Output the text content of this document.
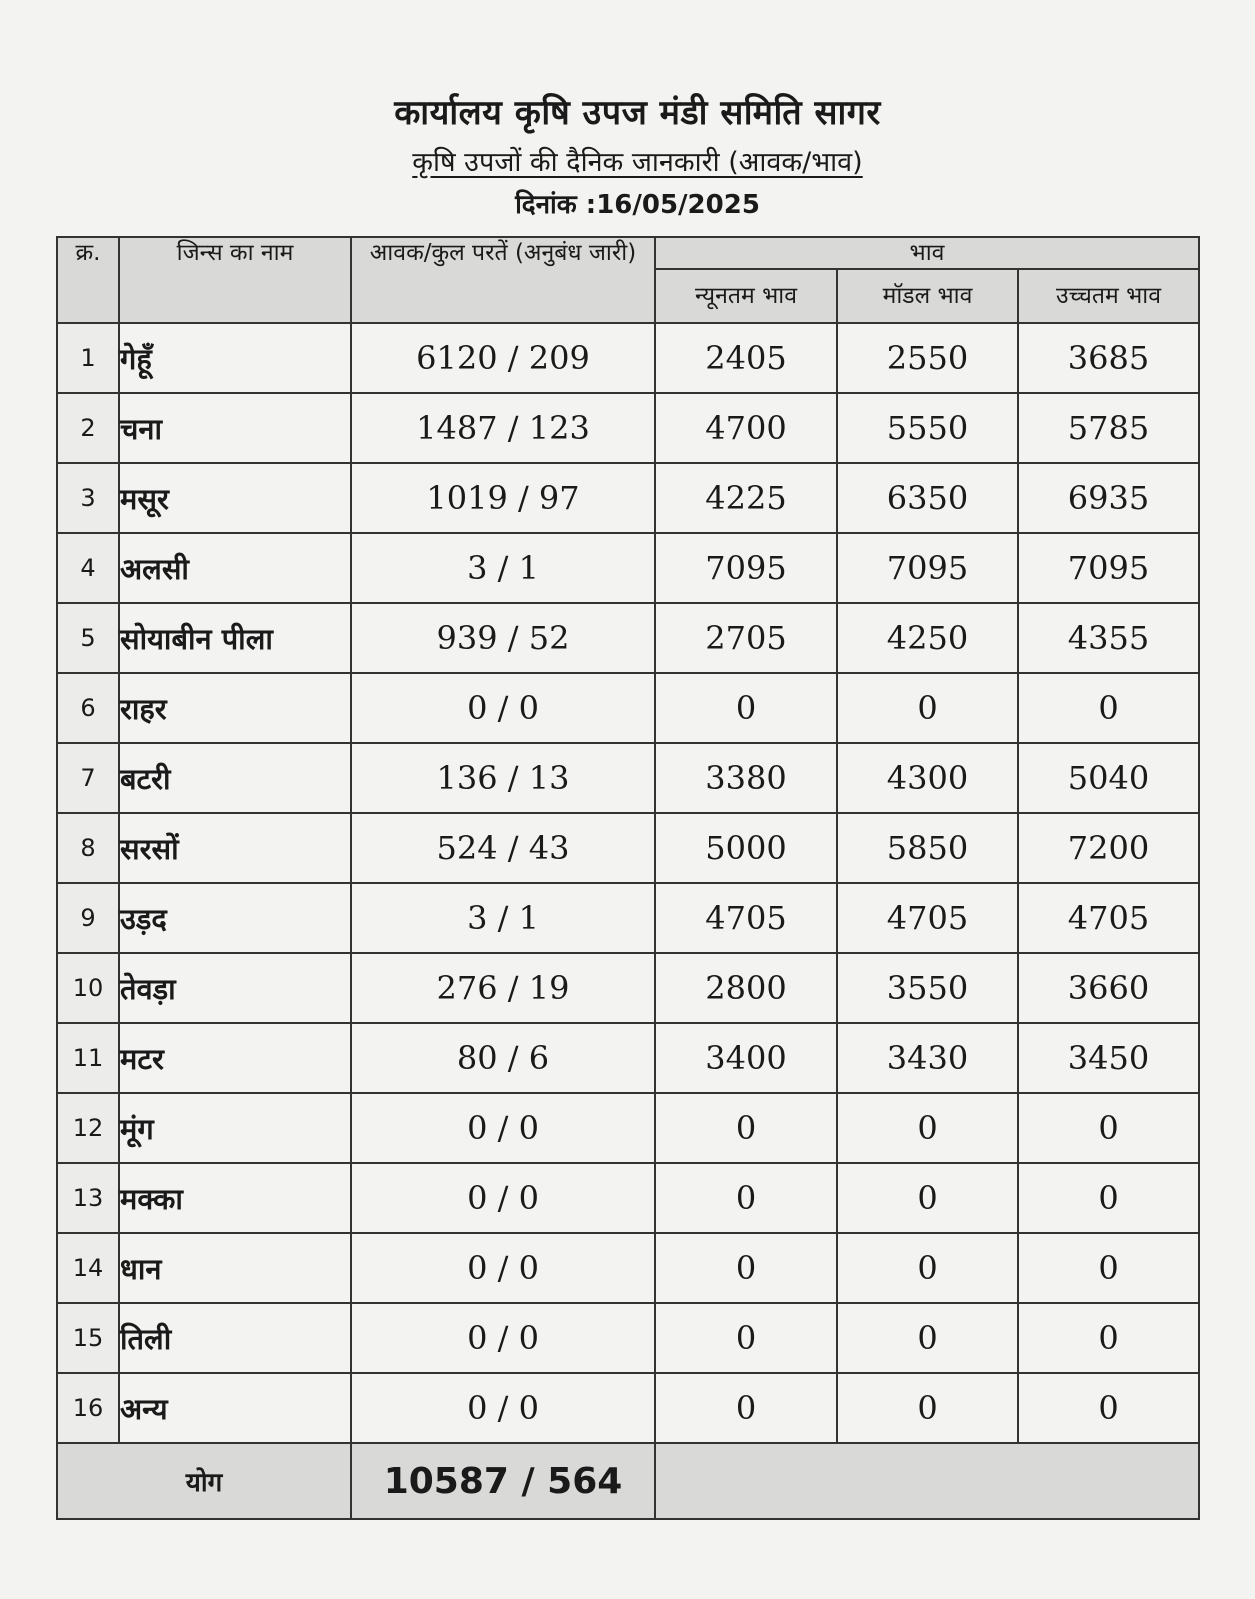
कार्यालय कृषि उपज मंडी समिति सागर
कृषि उपजों की दैनिक जानकारी (आवक/भाव)
दिनांक :16/05/2025
क्र.	जिन्स का नाम	आवक/कुल परतें (अनुबंध जारी)	भाव		
			न्यूनतम भाव	मॉडल भाव	उच्चतम भाव
1	गेहूँ	6120 / 209	2405	2550	3685
2	चना	1487 / 123	4700	5550	5785
3	मसूर	1019 / 97	4225	6350	6935
4	अलसी	3 / 1	7095	7095	7095
5	सोयाबीन पीला	939 / 52	2705	4250	4355
6	राहर	0 / 0	0	0	0
7	बटरी	136 / 13	3380	4300	5040
8	सरसों	524 / 43	5000	5850	7200
9	उड़द	3 / 1	4705	4705	4705
10	तेवड़ा	276 / 19	2800	3550	3660
11	मटर	80 / 6	3400	3430	3450
12	मूंग	0 / 0	0	0	0
13	मक्का	0 / 0	0	0	0
14	धान	0 / 0	0	0	0
15	तिली	0 / 0	0	0	0
16	अन्य	0 / 0	0	0	0
योग		10587 / 564			
